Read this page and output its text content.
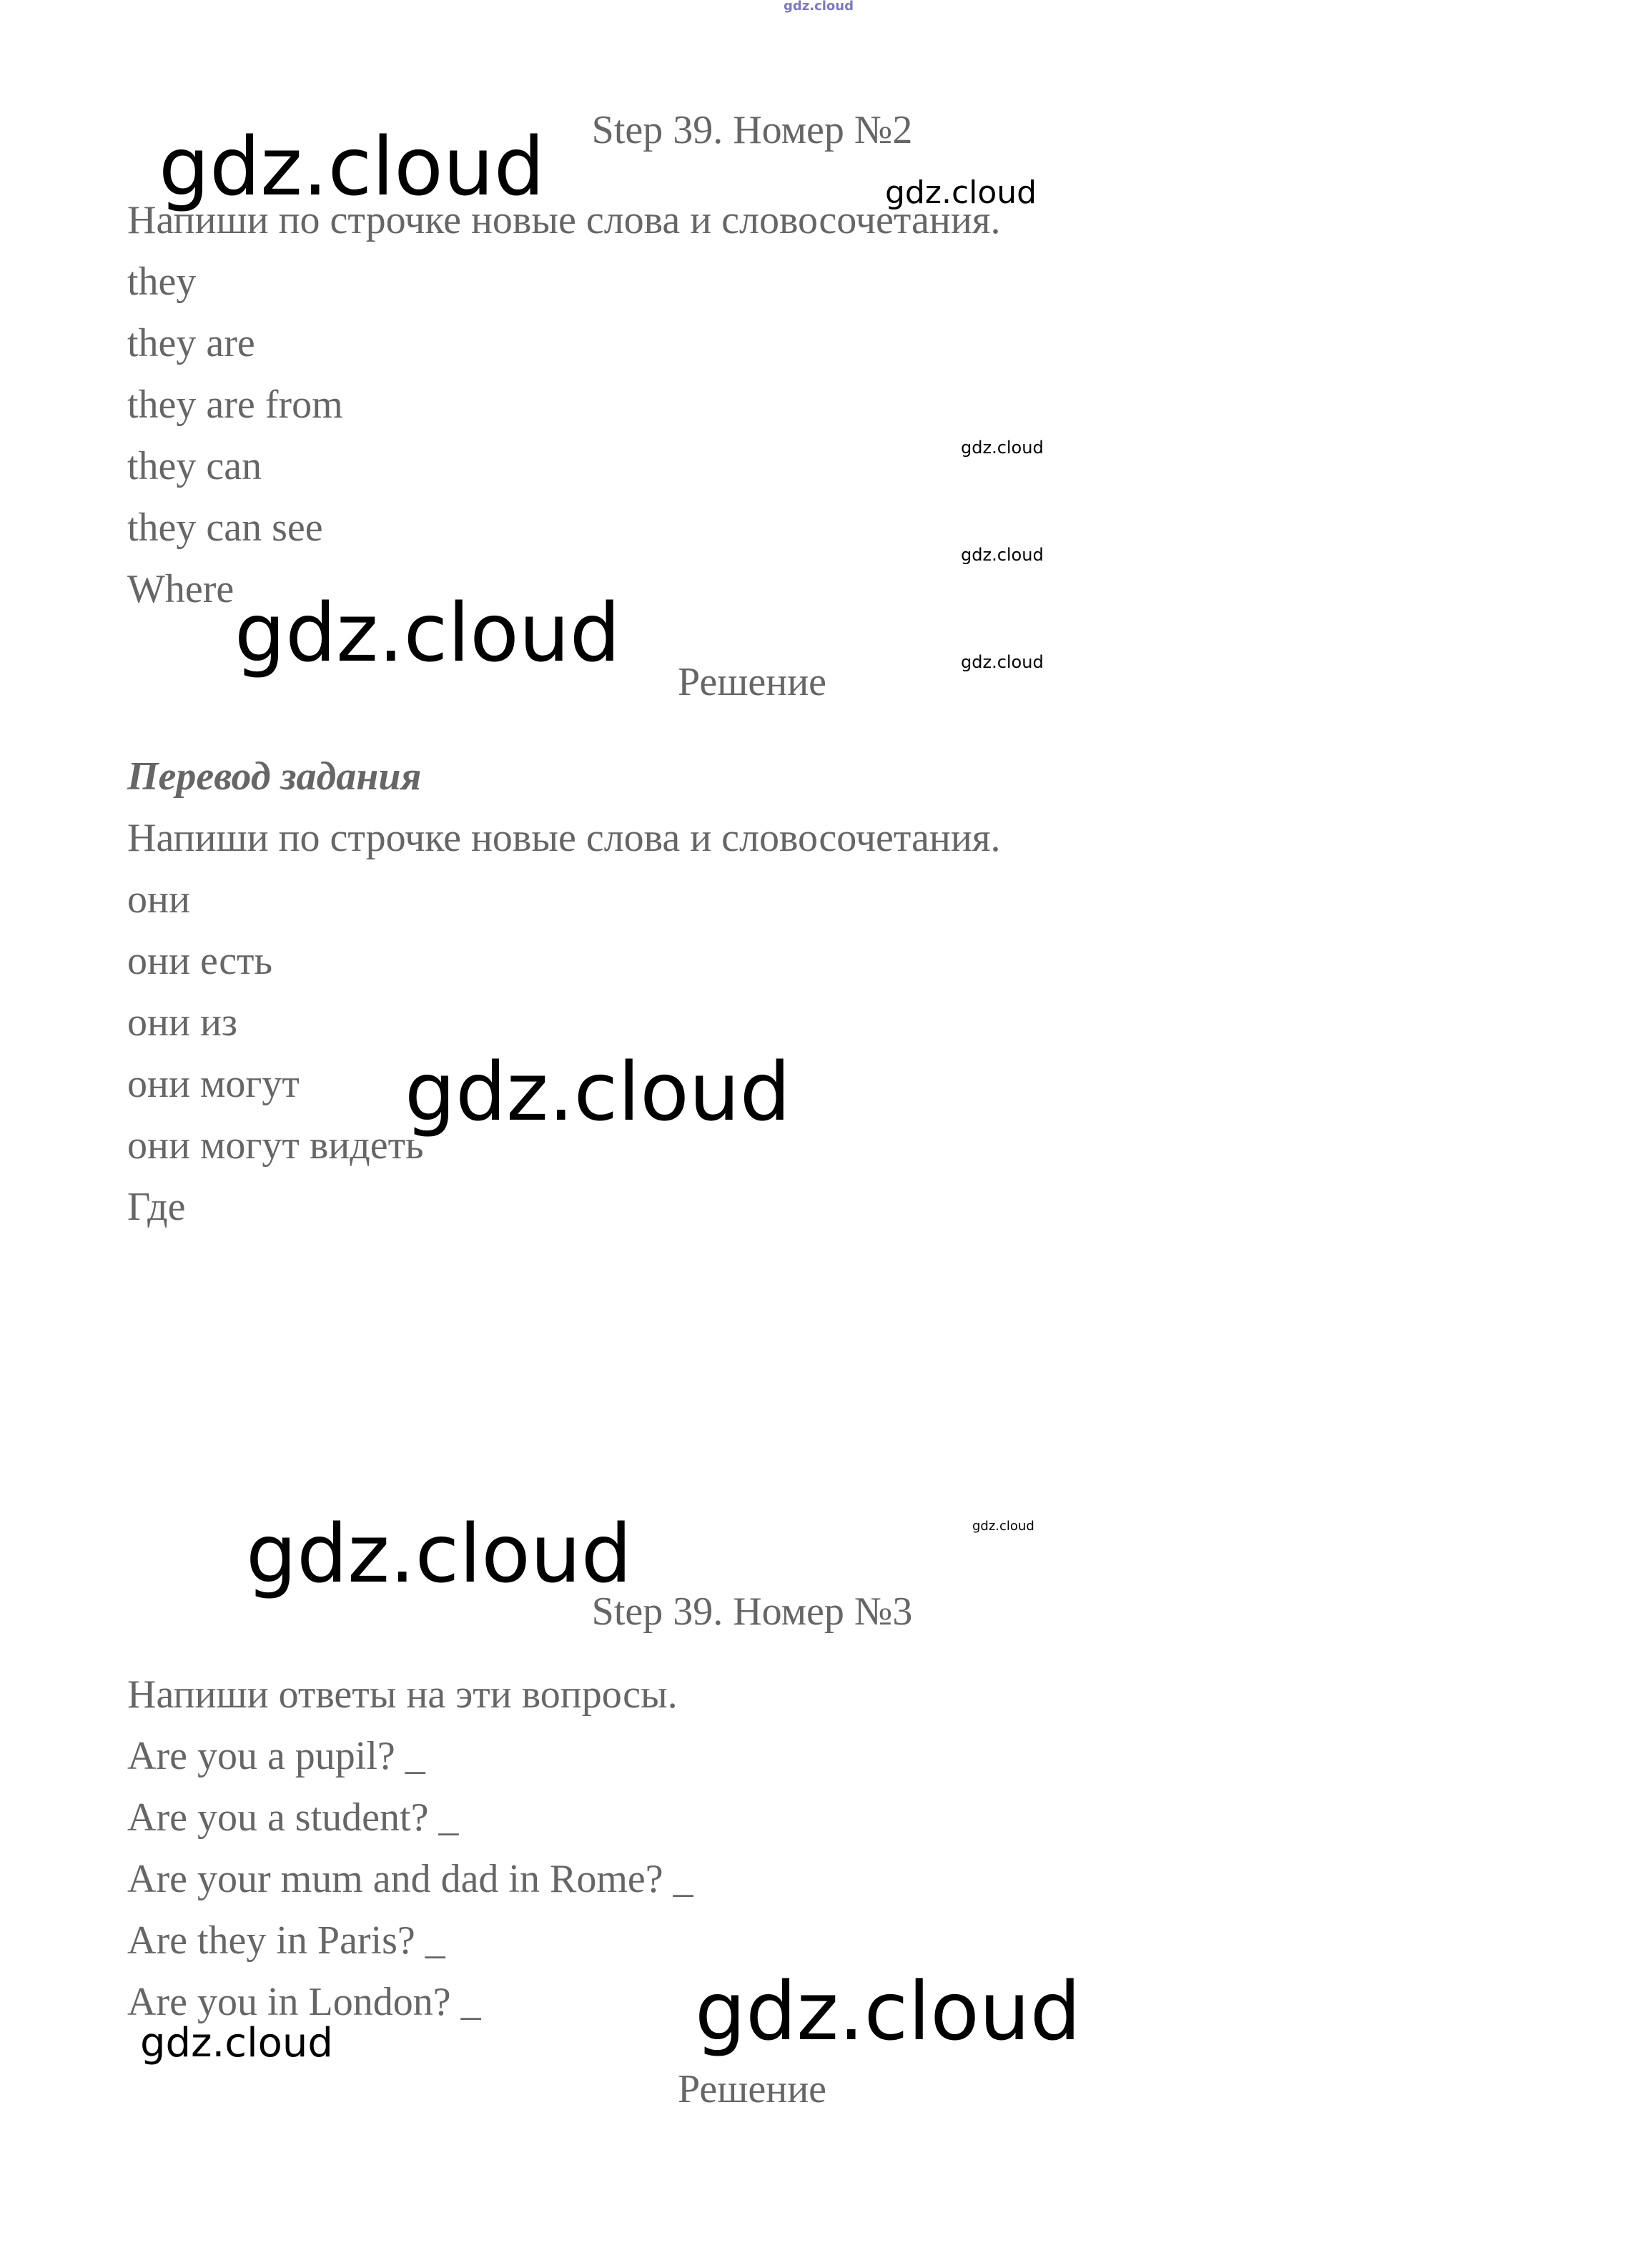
gdz.cloud
Step 39. Номер №2
Напиши по строчке новые слова и словосочетания.
they
they are
they are from
they can
they can see
Where
Решение
Перевод задания
Напиши по строчке новые слова и словосочетания.
они
они есть
они из
они могут
они могут видеть
Где
Step 39. Номер №3
Напиши ответы на эти вопросы.
Are you a pupil? _
Are you a student? _
Are your mum and dad in Rome? _
Are they in Paris? _
Are you in London? _
Решение
gdz.cloud	gdz.cloud
gdz.cloud
gdz.cloud
gdz.cloud
gdz.cloud
gdz.cloud
gdz.cloud
gdz.cloud
gdz.cloud
gdz.cloud
